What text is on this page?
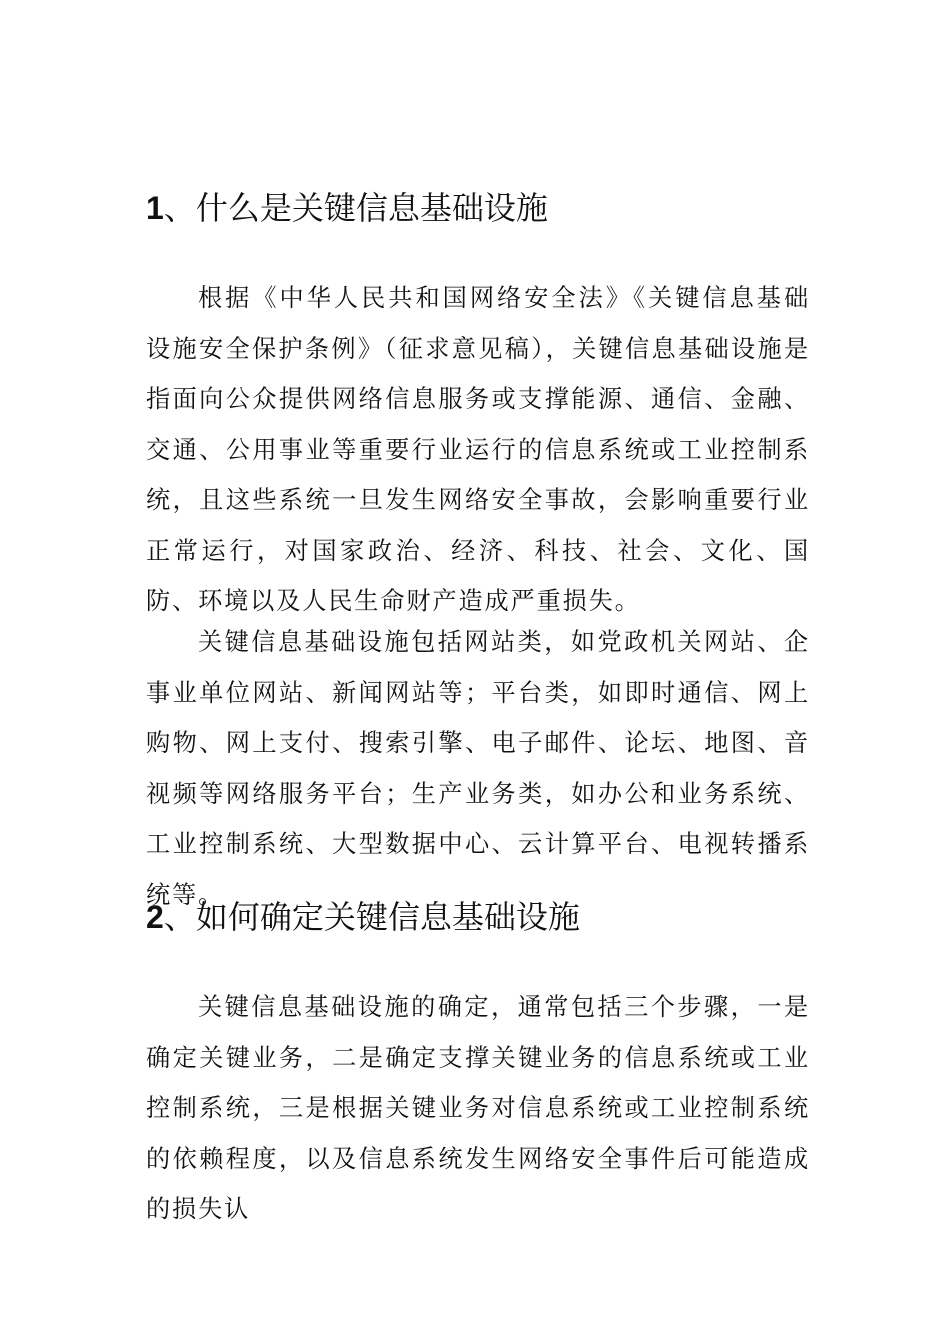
1、什么是关键信息基础设施

根据《中华人民共和国网络安全法》《关键信息基础设施安全保护条例》（征求意见稿），关键信息基础设施是指面向公众提供网络信息服务或支撑能源、通信、金融、交通、公用事业等重要行业运行的信息系统或工业控制系统，且这些系统一旦发生网络安全事故，会影响重要行业正常运行，对国家政治、经济、科技、社会、文化、国防、环境以及人民生命财产造成严重损失。

关键信息基础设施包括网站类，如党政机关网站、企事业单位网站、新闻网站等；平台类，如即时通信、网上购物、网上支付、搜索引擎、电子邮件、论坛、地图、音视频等网络服务平台；生产业务类，如办公和业务系统、工业控制系统、大型数据中心、云计算平台、电视转播系统等。

2、如何确定关键信息基础设施

关键信息基础设施的确定，通常包括三个步骤，一是确定关键业务，二是确定支撑关键业务的信息系统或工业控制系统，三是根据关键业务对信息系统或工业控制系统的依赖程度，以及信息系统发生网络安全事件后可能造成的损失认
